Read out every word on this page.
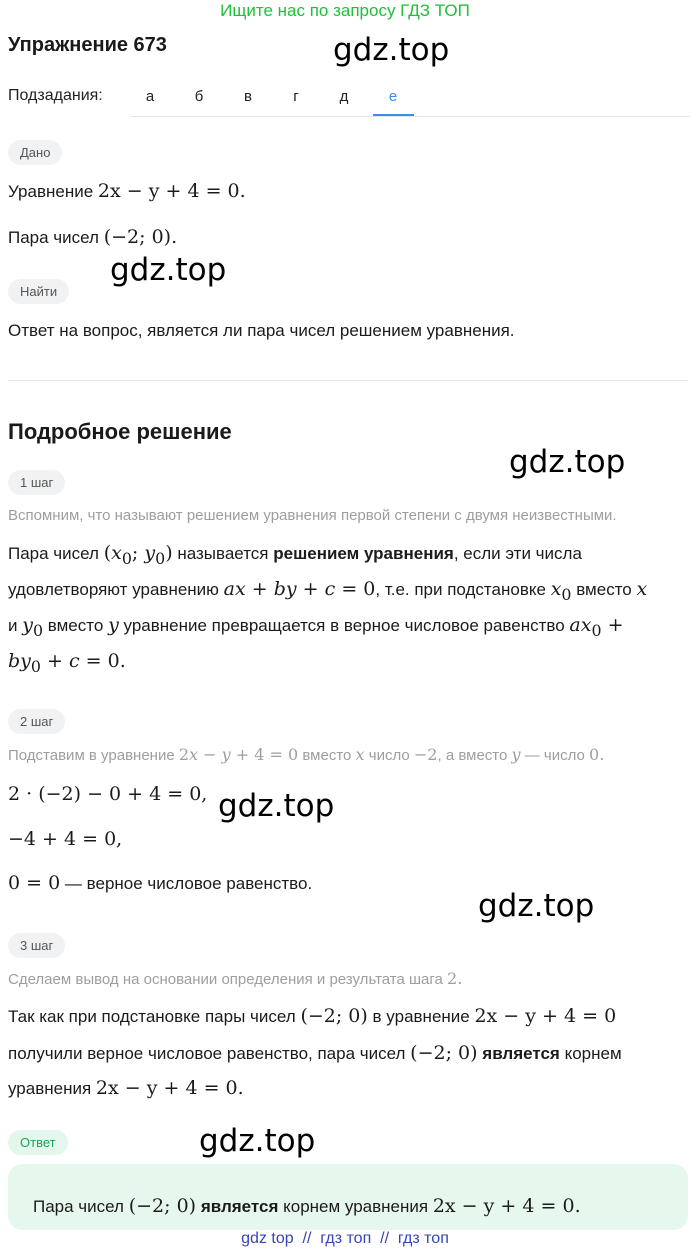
Ищите нас по запросу ГДЗ ТОП
Упражнение 673	gdz.top
Подзадания:	а	б	в	г	д	е
Дано
Уравнение 2x − y + 4 = 0.
Пара чисел (−2; 0).
gdz.top
Найти
Ответ на вопрос, является ли пара чисел решением уравнения.
Подробное решение
gdz.top
1 шаг
Вспомним, что называют решением уравнения первой степени с двумя неизвестными.
Пара чисел ($x_0$; $y_0$) называется решением уравнения, если эти числа
удовлетворяют уравнению ax + by + c = 0, т.е. при подстановке $x_0$ вместо x
и $y_0$ вместо y уравнение превращается в верное числовое равенство $ax_0$ +
$by_0 + c = 0$.
2 шаг
Подставим в уравнение 2x − y + 4 = 0 вместо x число −2, а вместо y — число 0.
2 · (−2) − 0 + 4 = 0, gdz.top
−4 + 4 = 0,
0 = 0 — верное числовое равенство.
gdz.top
3 шаг
Сделаем вывод на основании определения и результата шага 2.
Так как при подстановке пары чисел (−2; 0) в уравнение 2x − y + 4 = 0
получили верное числовое равенство, пара чисел (−2; 0) является корнем
уравнения 2x − y + 4 = 0.
Ответ	gdz.top
Пара чисел (−2; 0) является корнем уравнения 2x − y + 4 = 0.
gdz top  //  гдз топ  //  гдз топ
